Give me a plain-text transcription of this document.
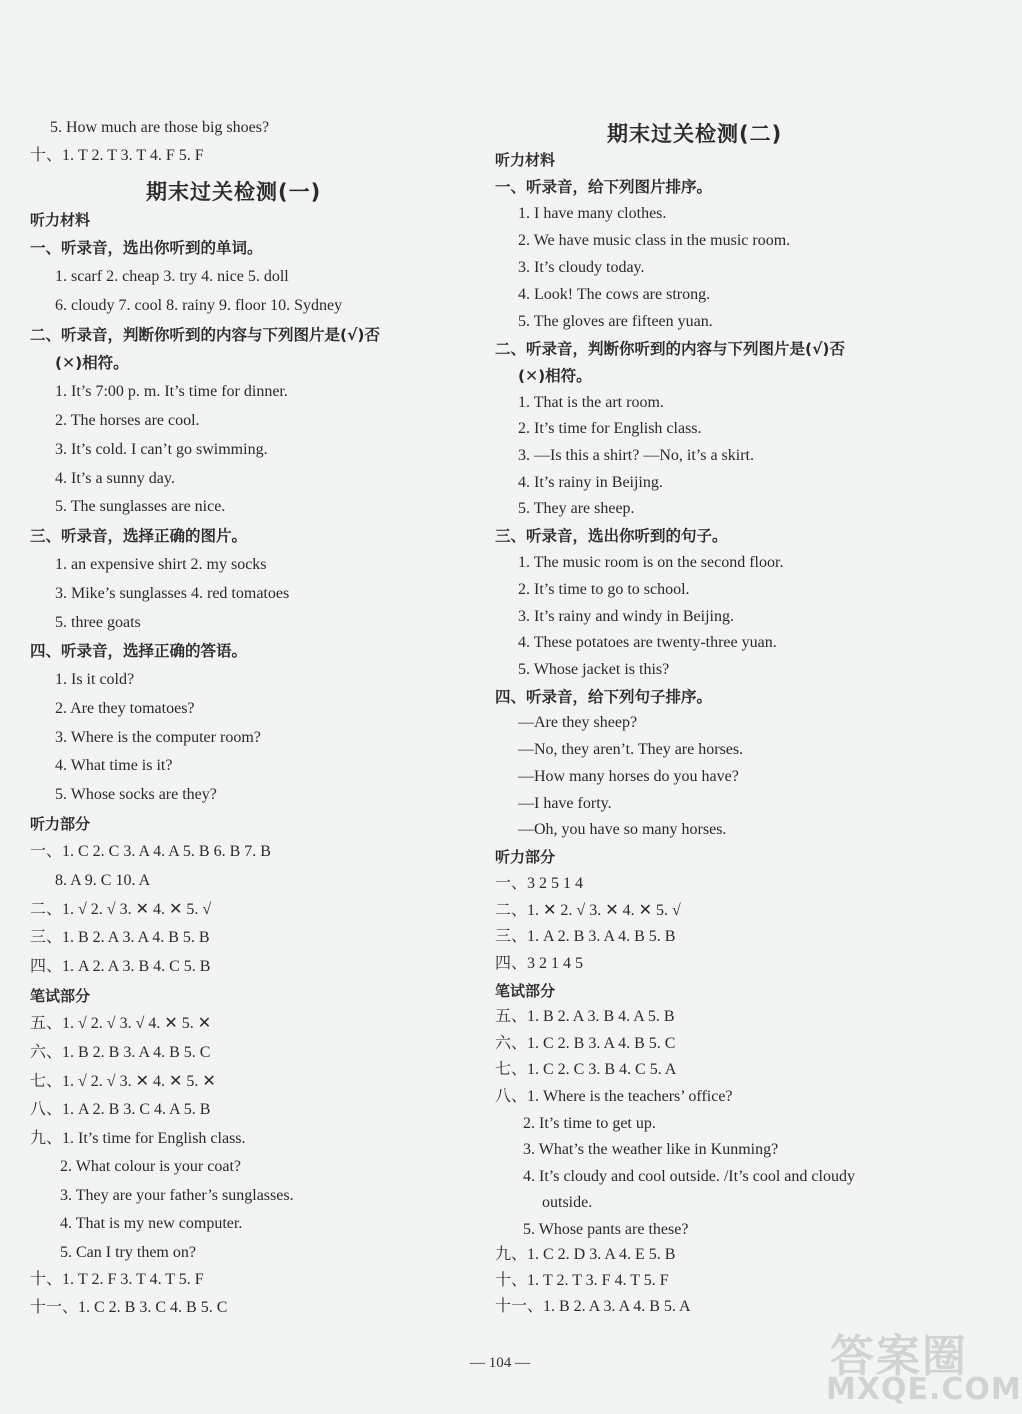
期末过关检测(一)
5. How much are those big shoes?
十、1. T 2. T 3. T 4. F 5. F
听力材料
一、听录音，选出你听到的单词。
1. scarf 2. cheap 3. try 4. nice 5. doll
6. cloudy 7. cool 8. rainy 9. floor 10. Sydney
二、听录音，判断你听到的内容与下列图片是(√)否
(✕)相符。
1. It’s 7:00 p. m. It’s time for dinner.
2. The horses are cool.
3. It’s cold. I can’t go swimming.
4. It’s a sunny day.
5. The sunglasses are nice.
三、听录音，选择正确的图片。
1. an expensive shirt 2. my socks
3. Mike’s sunglasses 4. red tomatoes
5. three goats
四、听录音，选择正确的答语。
1. Is it cold?
2. Are they tomatoes?
3. Where is the computer room?
4. What time is it?
5. Whose socks are they?
听力部分
一、1. C 2. C 3. A 4. A 5. B 6. B 7. B
8. A 9. C 10. A
二、1. √ 2. √ 3. ✕ 4. ✕ 5. √
三、1. B 2. A 3. A 4. B 5. B
四、1. A 2. A 3. B 4. C 5. B
笔试部分
五、1. √ 2. √ 3. √ 4. ✕ 5. ✕
六、1. B 2. B 3. A 4. B 5. C
七、1. √ 2. √ 3. ✕ 4. ✕ 5. ✕
八、1. A 2. B 3. C 4. A 5. B
九、1. It’s time for English class.
2. What colour is your coat?
3. They are your father’s sunglasses.
4. That is my new computer.
5. Can I try them on?
十、1. T 2. F 3. T 4. T 5. F
十一、1. C 2. B 3. C 4. B 5. C
期末过关检测(二)
听力材料
一、听录音，给下列图片排序。
1. I have many clothes.
2. We have music class in the music room.
3. It’s cloudy today.
4. Look! The cows are strong.
5. The gloves are fifteen yuan.
二、听录音，判断你听到的内容与下列图片是(√)否
(✕)相符。
1. That is the art room.
2. It’s time for English class.
3. —Is this a shirt? —No, it’s a skirt.
4. It’s rainy in Beijing.
5. They are sheep.
三、听录音，选出你听到的句子。
1. The music room is on the second floor.
2. It’s time to go to school.
3. It’s rainy and windy in Beijing.
4. These potatoes are twenty-three yuan.
5. Whose jacket is this?
四、听录音，给下列句子排序。
—Are they sheep?
—No, they aren’t. They are horses.
—How many horses do you have?
—I have forty.
—Oh, you have so many horses.
听力部分
一、3 2 5 1 4
二、1. ✕ 2. √ 3. ✕ 4. ✕ 5. √
三、1. A 2. B 3. A 4. B 5. B
四、3 2 1 4 5
笔试部分
五、1. B 2. A 3. B 4. A 5. B
六、1. C 2. B 3. A 4. B 5. C
七、1. C 2. C 3. B 4. C 5. A
八、1. Where is the teachers’ office?
2. It’s time to get up.
3. What’s the weather like in Kunming?
4. It’s cloudy and cool outside. /It’s cool and cloudy
outside.
5. Whose pants are these?
九、1. C 2. D 3. A 4. E 5. B
十、1. T 2. T 3. F 4. T 5. F
十一、1. B 2. A 3. A 4. B 5. A
— 104 —	答案圈
MXQE.COM
